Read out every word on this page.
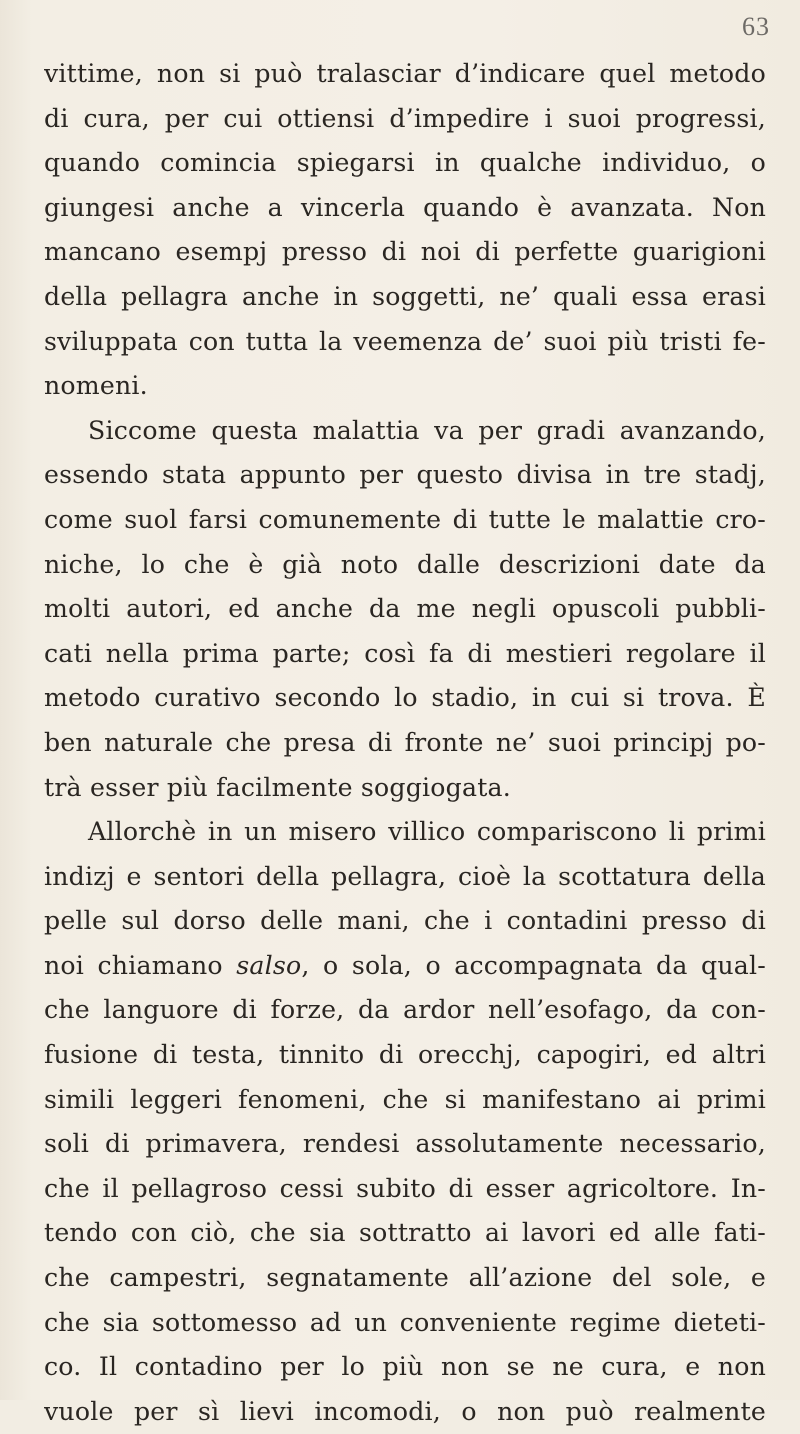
63
vittime, non si può tralasciar d’indicare quel metodo
di cura, per cui ottiensi d’impedire i suoi progressi,
quando comincia spiegarsi in qualche individuo, o
giungesi anche a vincerla quando è avanzata. Non
mancano esempj presso di noi di perfette guarigioni
della pellagra anche in soggetti, ne’ quali essa erasi
sviluppata con tutta la veemenza de’ suoi più tristi fe-
nomeni.
Siccome questa malattia va per gradi avanzando,
essendo stata appunto per questo divisa in tre stadj,
come suol farsi comunemente di tutte le malattie cro-
niche, lo che è già noto dalle descrizioni date da
molti autori, ed anche da me negli opuscoli pubbli-
cati nella prima parte; così fa di mestieri regolare il
metodo curativo secondo lo stadio, in cui si trova. È
ben naturale che presa di fronte ne’ suoi principj po-
trà esser più facilmente soggiogata.
Allorchè in un misero villico compariscono li primi
indizj e sentori della pellagra, cioè la scottatura della
pelle sul dorso delle mani, che i contadini presso di
noi chiamano salso, o sola, o accompagnata da qual-
che languore di forze, da ardor nell’esofago, da con-
fusione di testa, tinnito di orecchj, capogiri, ed altri
simili leggeri fenomeni, che si manifestano ai primi
soli di primavera, rendesi assolutamente necessario,
che il pellagroso cessi subito di esser agricoltore. In-
tendo con ciò, che sia sottratto ai lavori ed alle fati-
che campestri, segnatamente all’azione del sole, e
che sia sottomesso ad un conveniente regime dieteti-
co. Il contadino per lo più non se ne cura, e non
vuole per sì lievi incomodi, o non può realmente
